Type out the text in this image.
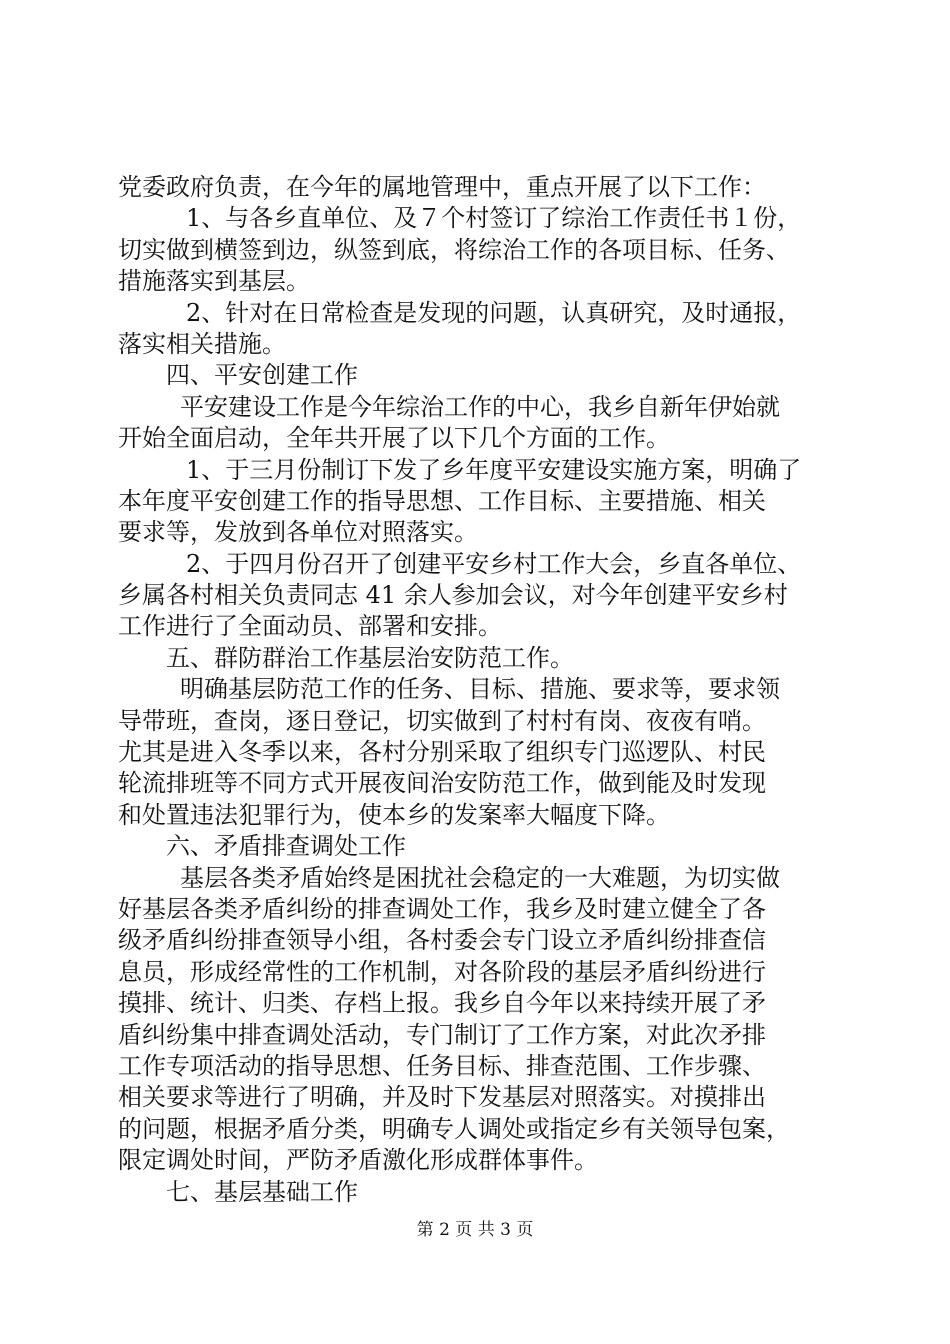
党委政府负责，在今年的属地管理中，重点开展了以下工作：
1、与各乡直单位、及７个村签订了综治工作责任书１份，
切实做到横签到边，纵签到底，将综治工作的各项目标、任务、
措施落实到基层。
2、针对在日常检查是发现的问题，认真研究，及时通报，
落实相关措施。
四、平安创建工作
平安建设工作是今年综治工作的中心，我乡自新年伊始就
开始全面启动，全年共开展了以下几个方面的工作。
1、于三月份制订下发了乡年度平安建设实施方案，明确了
本年度平安创建工作的指导思想、工作目标、主要措施、相关
要求等，发放到各单位对照落实。
2、于四月份召开了创建平安乡村工作大会，乡直各单位、
乡属各村相关负责同志 41 余人参加会议，对今年创建平安乡村
工作进行了全面动员、部署和安排。
五、群防群治工作基层治安防范工作。
明确基层防范工作的任务、目标、措施、要求等，要求领
导带班，查岗，逐日登记，切实做到了村村有岗、夜夜有哨。
尤其是进入冬季以来，各村分别采取了组织专门巡逻队、村民
轮流排班等不同方式开展夜间治安防范工作，做到能及时发现
和处置违法犯罪行为，使本乡的发案率大幅度下降。
六、矛盾排查调处工作
基层各类矛盾始终是困扰社会稳定的一大难题，为切实做
好基层各类矛盾纠纷的排查调处工作，我乡及时建立健全了各
级矛盾纠纷排查领导小组，各村委会专门设立矛盾纠纷排查信
息员，形成经常性的工作机制，对各阶段的基层矛盾纠纷进行
摸排、统计、归类、存档上报。我乡自今年以来持续开展了矛
盾纠纷集中排查调处活动，专门制订了工作方案，对此次矛排
工作专项活动的指导思想、任务目标、排查范围、工作步骤、
相关要求等进行了明确，并及时下发基层对照落实。对摸排出
的问题，根据矛盾分类，明确专人调处或指定乡有关领导包案，
限定调处时间，严防矛盾激化形成群体事件。
七、基层基础工作
第 2 页 共 3 页
